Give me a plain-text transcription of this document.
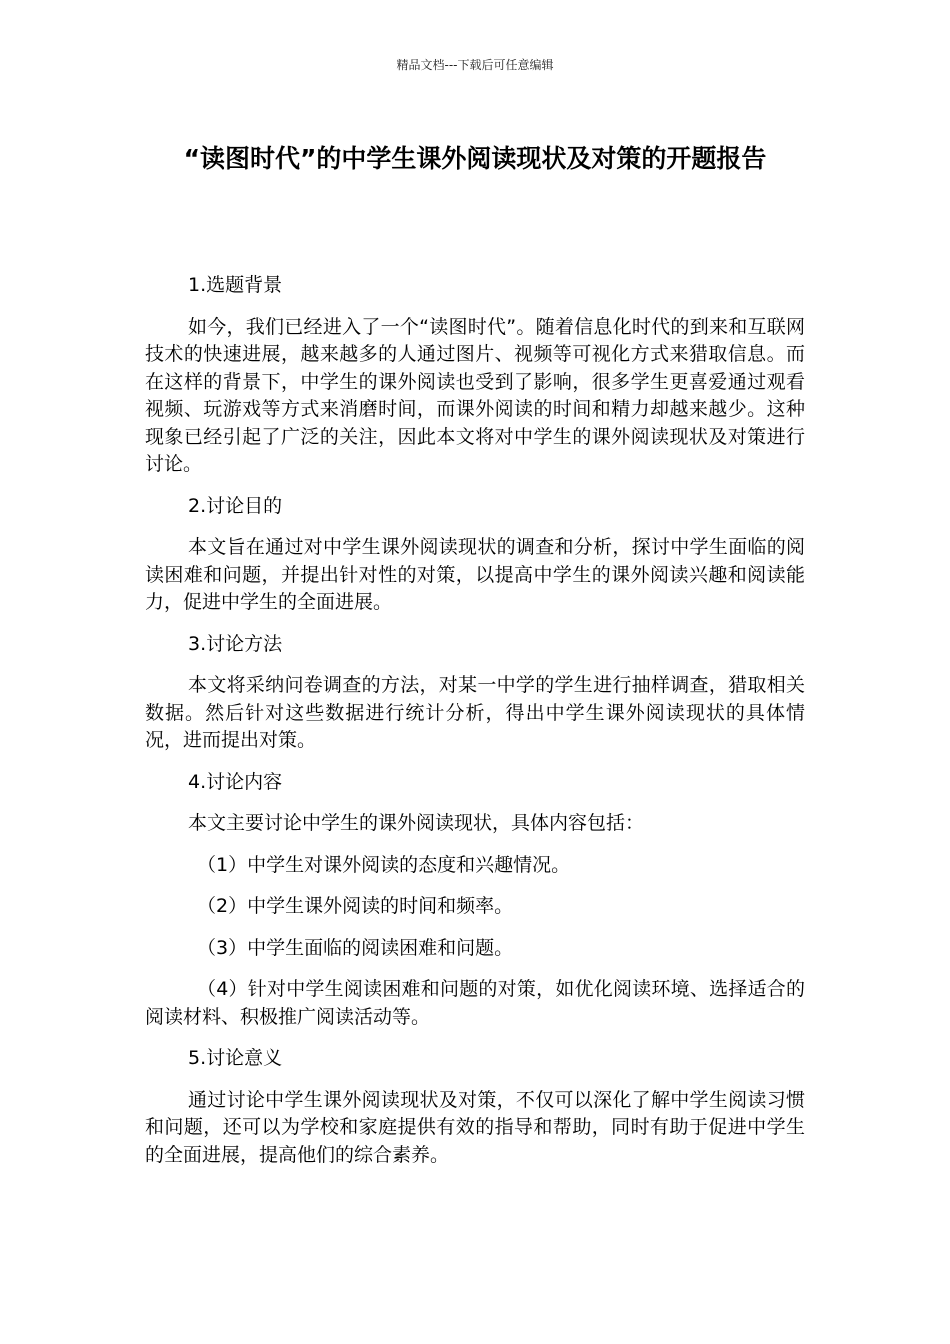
精品文档---下载后可任意编辑
“读图时代”的中学生课外阅读现状及对策的开题报告
1.选题背景

如今，我们已经进入了一个“读图时代”。随着信息化时代的到来和互联网技术的快速进展，越来越多的人通过图片、视频等可视化方式来猎取信息。而在这样的背景下，中学生的课外阅读也受到了影响，很多学生更喜爱通过观看视频、玩游戏等方式来消磨时间，而课外阅读的时间和精力却越来越少。这种现象已经引起了广泛的关注，因此本文将对中学生的课外阅读现状及对策进行讨论。

2.讨论目的

本文旨在通过对中学生课外阅读现状的调查和分析，探讨中学生面临的阅读困难和问题，并提出针对性的对策，以提高中学生的课外阅读兴趣和阅读能力，促进中学生的全面进展。

3.讨论方法

本文将采纳问卷调查的方法，对某一中学的学生进行抽样调查，猎取相关数据。然后针对这些数据进行统计分析，得出中学生课外阅读现状的具体情况，进而提出对策。

4.讨论内容

本文主要讨论中学生的课外阅读现状，具体内容包括：

（1）中学生对课外阅读的态度和兴趣情况。

（2）中学生课外阅读的时间和频率。

（3）中学生面临的阅读困难和问题。

（4）针对中学生阅读困难和问题的对策，如优化阅读环境、选择适合的阅读材料、积极推广阅读活动等。

5.讨论意义

通过讨论中学生课外阅读现状及对策，不仅可以深化了解中学生阅读习惯和问题，还可以为学校和家庭提供有效的指导和帮助，同时有助于促进中学生的全面进展，提高他们的综合素养。
